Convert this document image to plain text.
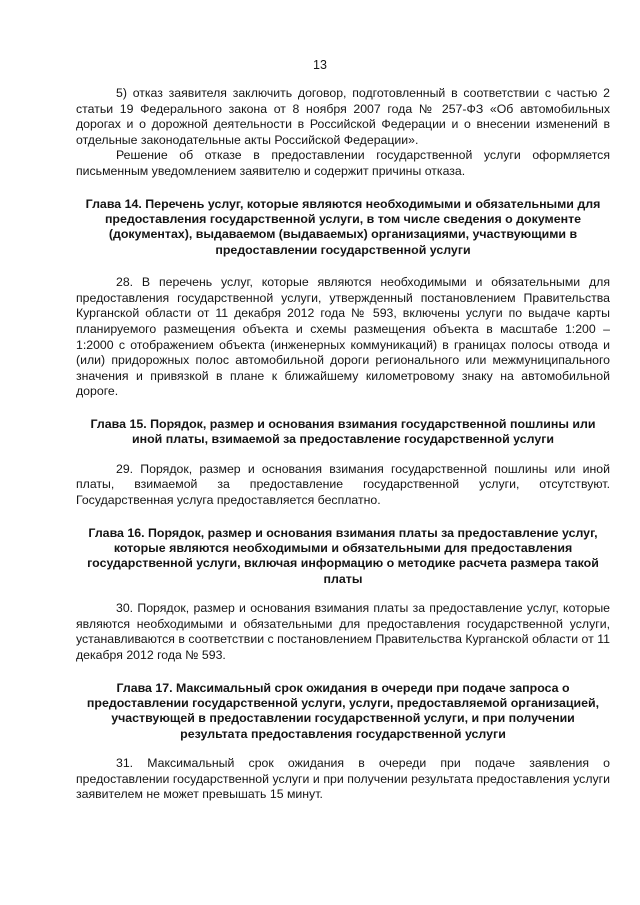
13

5) отказ заявителя заключить договор, подготовленный в соответствии с частью 2 статьи 19 Федерального закона от 8 ноября 2007 года № 257-ФЗ «Об автомобильных дорогах и о дорожной деятельности в Российской Федерации и о внесении изменений в отдельные законодательные акты Российской Федерации».

Решение об отказе в предоставлении государственной услуги оформляется письменным уведомлением заявителю и содержит причины отказа.

Глава 14. Перечень услуг, которые являются необходимыми и обязательными для предоставления государственной услуги, в том числе сведения о документе (документах), выдаваемом (выдаваемых) организациями, участвующими в предоставлении государственной услуги

28. В перечень услуг, которые являются необходимыми и обязательными для предоставления государственной услуги, утвержденный постановлением Правительства Курганской области от 11 декабря 2012 года № 593, включены услуги по выдаче карты планируемого размещения объекта и схемы размещения объекта в масштабе 1:200 – 1:2000 с отображением объекта (инженерных коммуникаций) в границах полосы отвода и (или) придорожных полос автомобильной дороги регионального или межмуниципального значения и привязкой в плане к ближайшему километровому знаку на автомобильной дороге.

Глава 15. Порядок, размер и основания взимания государственной пошлины или иной платы, взимаемой за предоставление государственной услуги

29. Порядок, размер и основания взимания государственной пошлины или иной платы, взимаемой за предоставление государственной услуги, отсутствуют. Государственная услуга предоставляется бесплатно.

Глава 16. Порядок, размер и основания взимания платы за предоставление услуг, которые являются необходимыми и обязательными для предоставления государственной услуги, включая информацию о методике расчета размера такой платы

30. Порядок, размер и основания взимания платы за предоставление услуг, которые являются необходимыми и обязательными для предоставления государственной услуги, устанавливаются в соответствии с постановлением Правительства Курганской области от 11 декабря 2012 года № 593.

Глава 17. Максимальный срок ожидания в очереди при подаче запроса о предоставлении государственной услуги, услуги, предоставляемой организацией, участвующей в предоставлении государственной услуги, и при получении результата предоставления государственной услуги

31. Максимальный срок ожидания в очереди при подаче заявления о предоставлении государственной услуги и при получении результата предоставления услуги заявителем не может превышать 15 минут.
